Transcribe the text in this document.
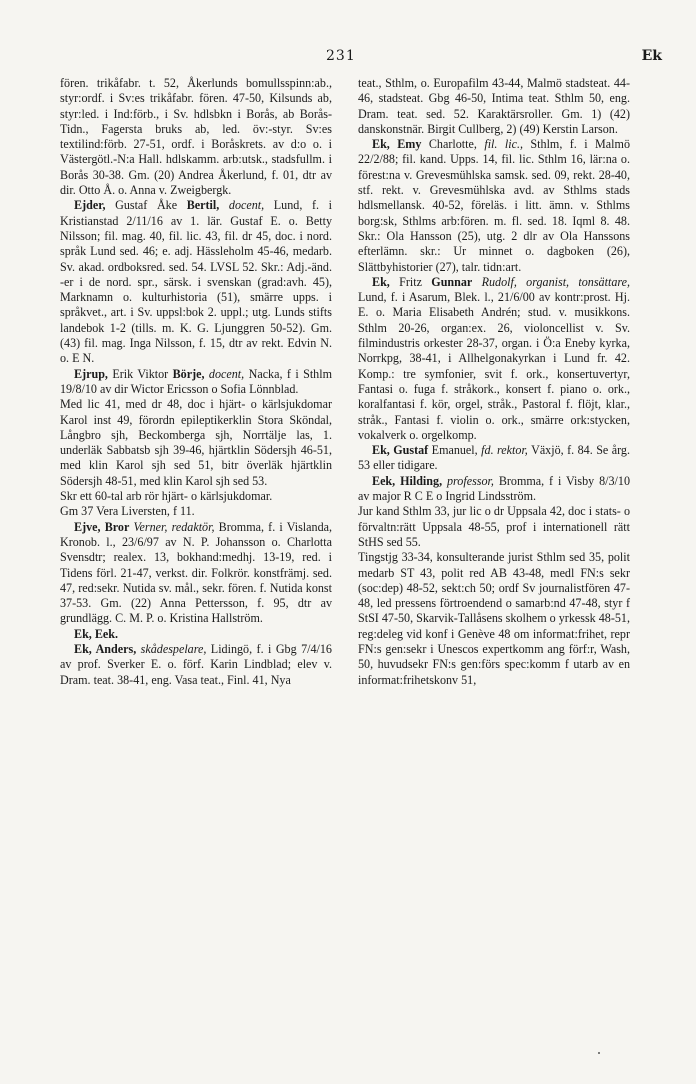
231	Ek

fören. trikåfabr. t. 52, Åkerlunds bomullsspinn:ab., styr:ordf. i Sv:es trikåfabr. fören. 47-50, Kilsunds ab, styr:led. i Ind:förb., i Sv. hdlsbkn i Borås, ab Borås-Tidn., Fagersta bruks ab, led. öv:-styr. Sv:es textilind:förb. 27-51, ordf. i Boråskrets. av d:o o. i Västergötl.-N:a Hall. hdlskamm. arb:utsk., stadsfullm. i Borås 30-38. Gm. (20) Andrea Åkerlund, f. 01, dtr av dir. Otto Å. o. Anna v. Zweigbergk.

Ejder, Gustaf Åke Bertil, docent, Lund, f. i Kristianstad 2/11/16 av 1. lär. Gustaf E. o. Betty Nilsson; fil. mag. 40, fil. lic. 43, fil. dr 45, doc. i nord. språk Lund sed. 46; e. adj. Hässleholm 45-46, medarb. Sv. akad. ordboksred. sed. 54. LVSL 52. Skr.: Adj.-änd. -er i de nord. spr., särsk. i svenskan (grad:avh. 45), Marknamn o. kulturhistoria (51), smärre upps. i språkvet., art. i Sv. uppsl:bok 2. uppl.; utg. Lunds stifts landebok 1-2 (tills. m. K. G. Ljunggren 50-52). Gm. (43) fil. mag. Inga Nilsson, f. 15, dtr av rekt. Edvin N. o. E N.

Ejrup, Erik Viktor Börje, docent, Nacka, f i Sthlm 19/8/10 av dir Wictor Ericsson o Sofia Lönnblad.

Med lic 41, med dr 48, doc i hjärt- o kärlsjukdomar Karol inst 49, förordn epileptikerklin Stora Sköndal, Långbro sjh, Beckomberga sjh, Norrtälje las, 1. underläk Sabbatsb sjh 39-46, hjärtklin Södersjh 46-51, med klin Karol sjh sed 51, bitr överläk hjärtklin Södersjh 48-51, med klin Karol sjh sed 53.

Skr ett 60-tal arb rör hjärt- o kärlsjukdomar.

Gm 37 Vera Liversten, f 11.

Ejve, Bror Verner, redaktör, Bromma, f. i Vislanda, Kronob. l., 23/6/97 av N. P. Johansson o. Charlotta Svensdtr; realex. 13, bokhand:medhj. 13-19, red. i Tidens förl. 21-47, verkst. dir. Folkrör. konstfrämj. sed. 47, red:sekr. Nutida sv. mål., sekr. fören. f. Nutida konst 37-53. Gm. (22) Anna Pettersson, f. 95, dtr av grundlägg. C. M. P. o. Kristina Hallström.

Ek, Eek.

Ek, Anders, skådespelare, Lidingö, f. i Gbg 7/4/16 av prof. Sverker E. o. förf. Karin Lindblad; elev v. Dram. teat. 38-41, eng. Vasa teat., Finl. 41, Nya

teat., Sthlm, o. Europafilm 43-44, Malmö stadsteat. 44-46, stadsteat. Gbg 46-50, Intima teat. Sthlm 50, eng. Dram. teat. sed. 52. Karaktärsroller. Gm. 1) (42) danskonstnär. Birgit Cullberg, 2) (49) Kerstin Larson.

Ek, Emy Charlotte, fil. lic., Sthlm, f. i Malmö 22/2/88; fil. kand. Upps. 14, fil. lic. Sthlm 16, lär:na o. förest:na v. Grevesmühlska samsk. sed. 09, rekt. 28-40, stf. rekt. v. Grevesmühlska avd. av Sthlms stads hdlsmellansk. 40-52, föreläs. i litt. ämn. v. Sthlms borg:sk, Sthlms arb:fören. m. fl. sed. 18. Iqml 8. 48. Skr.: Ola Hansson (25), utg. 2 dlr av Ola Hanssons efterlämn. skr.: Ur minnet o. dagboken (26), Slättbyhistorier (27), talr. tidn:art.

Ek, Fritz Gunnar Rudolf, organist, tonsättare, Lund, f. i Asarum, Blek. l., 21/6/00 av kontr:prost. Hj. E. o. Maria Elisabeth Andrén; stud. v. musikkons. Sthlm 20-26, organ:ex. 26, violoncellist v. Sv. filmindustris orkester 28-37, organ. i Ö:a Eneby kyrka, Norrkpg, 38-41, i Allhelgonakyrkan i Lund fr. 42. Komp.: tre symfonier, svit f. ork., konsertuvertyr, Fantasi o. fuga f. stråkork., konsert f. piano o. ork., koralfantasi f. kör, orgel, stråk., Pastoral f. flöjt, klar., stråk., Fantasi f. violin o. ork., smärre ork:stycken, vokalverk o. orgelkomp.

Ek, Gustaf Emanuel, fd. rektor, Växjö, f. 84. Se årg. 53 eller tidigare.

Eek, Hilding, professor, Bromma, f i Visby 8/3/10 av major R C E o Ingrid Lindsström.

Jur kand Sthlm 33, jur lic o dr Uppsala 42, doc i stats- o förvaltn:rätt Uppsala 48-55, prof i internationell rätt StHS sed 55.

Tingstjg 33-34, konsulterande jurist Sthlm sed 35, polit medarb ST 43, polit red AB 43-48, medl FN:s sekr (soc:dep) 48-52, sekt:ch 50; ordf Sv journalistfören 47-48, led pressens förtroendend o samarb:nd 47-48, styr f StSI 47-50, Skarvik-Tallåsens skolhem o yrkessk 48-51, reg:deleg vid konf i Genève 48 om informat:frihet, repr FN:s gen:sekr i Unescos expertkomm ang förf:r, Wash, 50, huvudsekr FN:s gen:förs spec:komm f utarb av en informat:frihetskonv 51,
